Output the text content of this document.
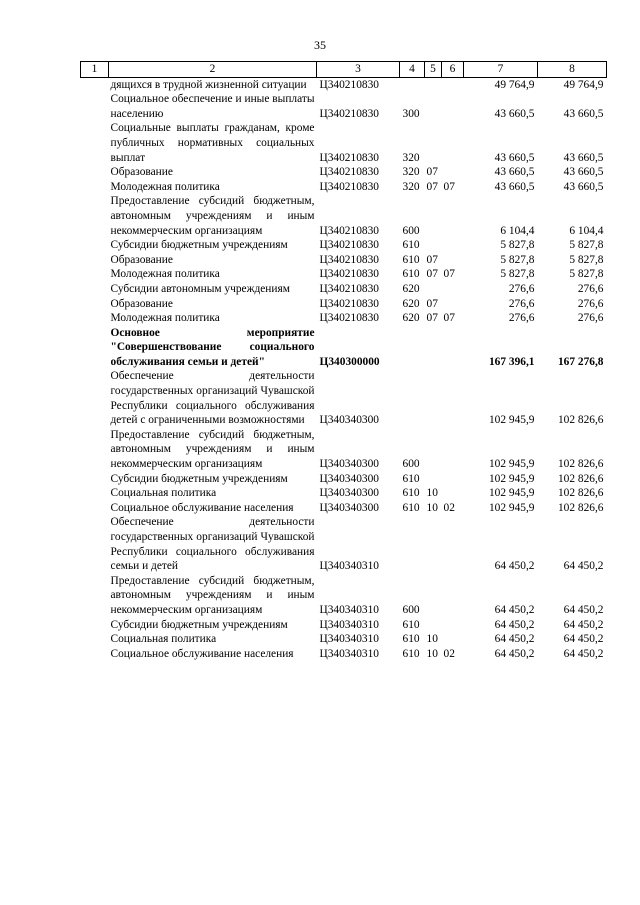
35
1	2	3	4	5	6	7	8
	дящихся в трудной жизненной ситуации	Ц340210830				49 764,9	49 764,9
	Социальное обеспечение и иные выплаты населению	Ц340210830	300			43 660,5	43 660,5
	Социальные выплаты гражданам, кроме публичных нормативных социальных выплат	Ц340210830	320			43 660,5	43 660,5
	Образование	Ц340210830	320	07		43 660,5	43 660,5
	Молодежная политика	Ц340210830	320	07	07	43 660,5	43 660,5
	Предоставление субсидий бюджетным, автономным учреждениям и иным некоммерческим организациям	Ц340210830	600			6 104,4	6 104,4
	Субсидии бюджетным учреждениям	Ц340210830	610			5 827,8	5 827,8
	Образование	Ц340210830	610	07		5 827,8	5 827,8
	Молодежная политика	Ц340210830	610	07	07	5 827,8	5 827,8
	Субсидии автономным учреждениям	Ц340210830	620			276,6	276,6
	Образование	Ц340210830	620	07		276,6	276,6
	Молодежная политика	Ц340210830	620	07	07	276,6	276,6
	Основное мероприятие "Совершенствование социального обслуживания семьи и детей"	Ц340300000				167 396,1	167 276,8
	Обеспечение деятельности государственных организаций Чувашской Республики социального обслуживания детей с ограниченными возможностями	Ц340340300				102 945,9	102 826,6
	Предоставление субсидий бюджетным, автономным учреждениям и иным некоммерческим организациям	Ц340340300	600			102 945,9	102 826,6
	Субсидии бюджетным учреждениям	Ц340340300	610			102 945,9	102 826,6
	Социальная политика	Ц340340300	610	10		102 945,9	102 826,6
	Социальное обслуживание населения	Ц340340300	610	10	02	102 945,9	102 826,6
	Обеспечение деятельности государственных организаций Чувашской Республики социального обслуживания семьи и детей	Ц340340310				64 450,2	64 450,2
	Предоставление субсидий бюджетным, автономным учреждениям и иным некоммерческим организациям	Ц340340310	600			64 450,2	64 450,2
	Субсидии бюджетным учреждениям	Ц340340310	610			64 450,2	64 450,2
	Социальная политика	Ц340340310	610	10		64 450,2	64 450,2
	Социальное обслуживание населения	Ц340340310	610	10	02	64 450,2	64 450,2
